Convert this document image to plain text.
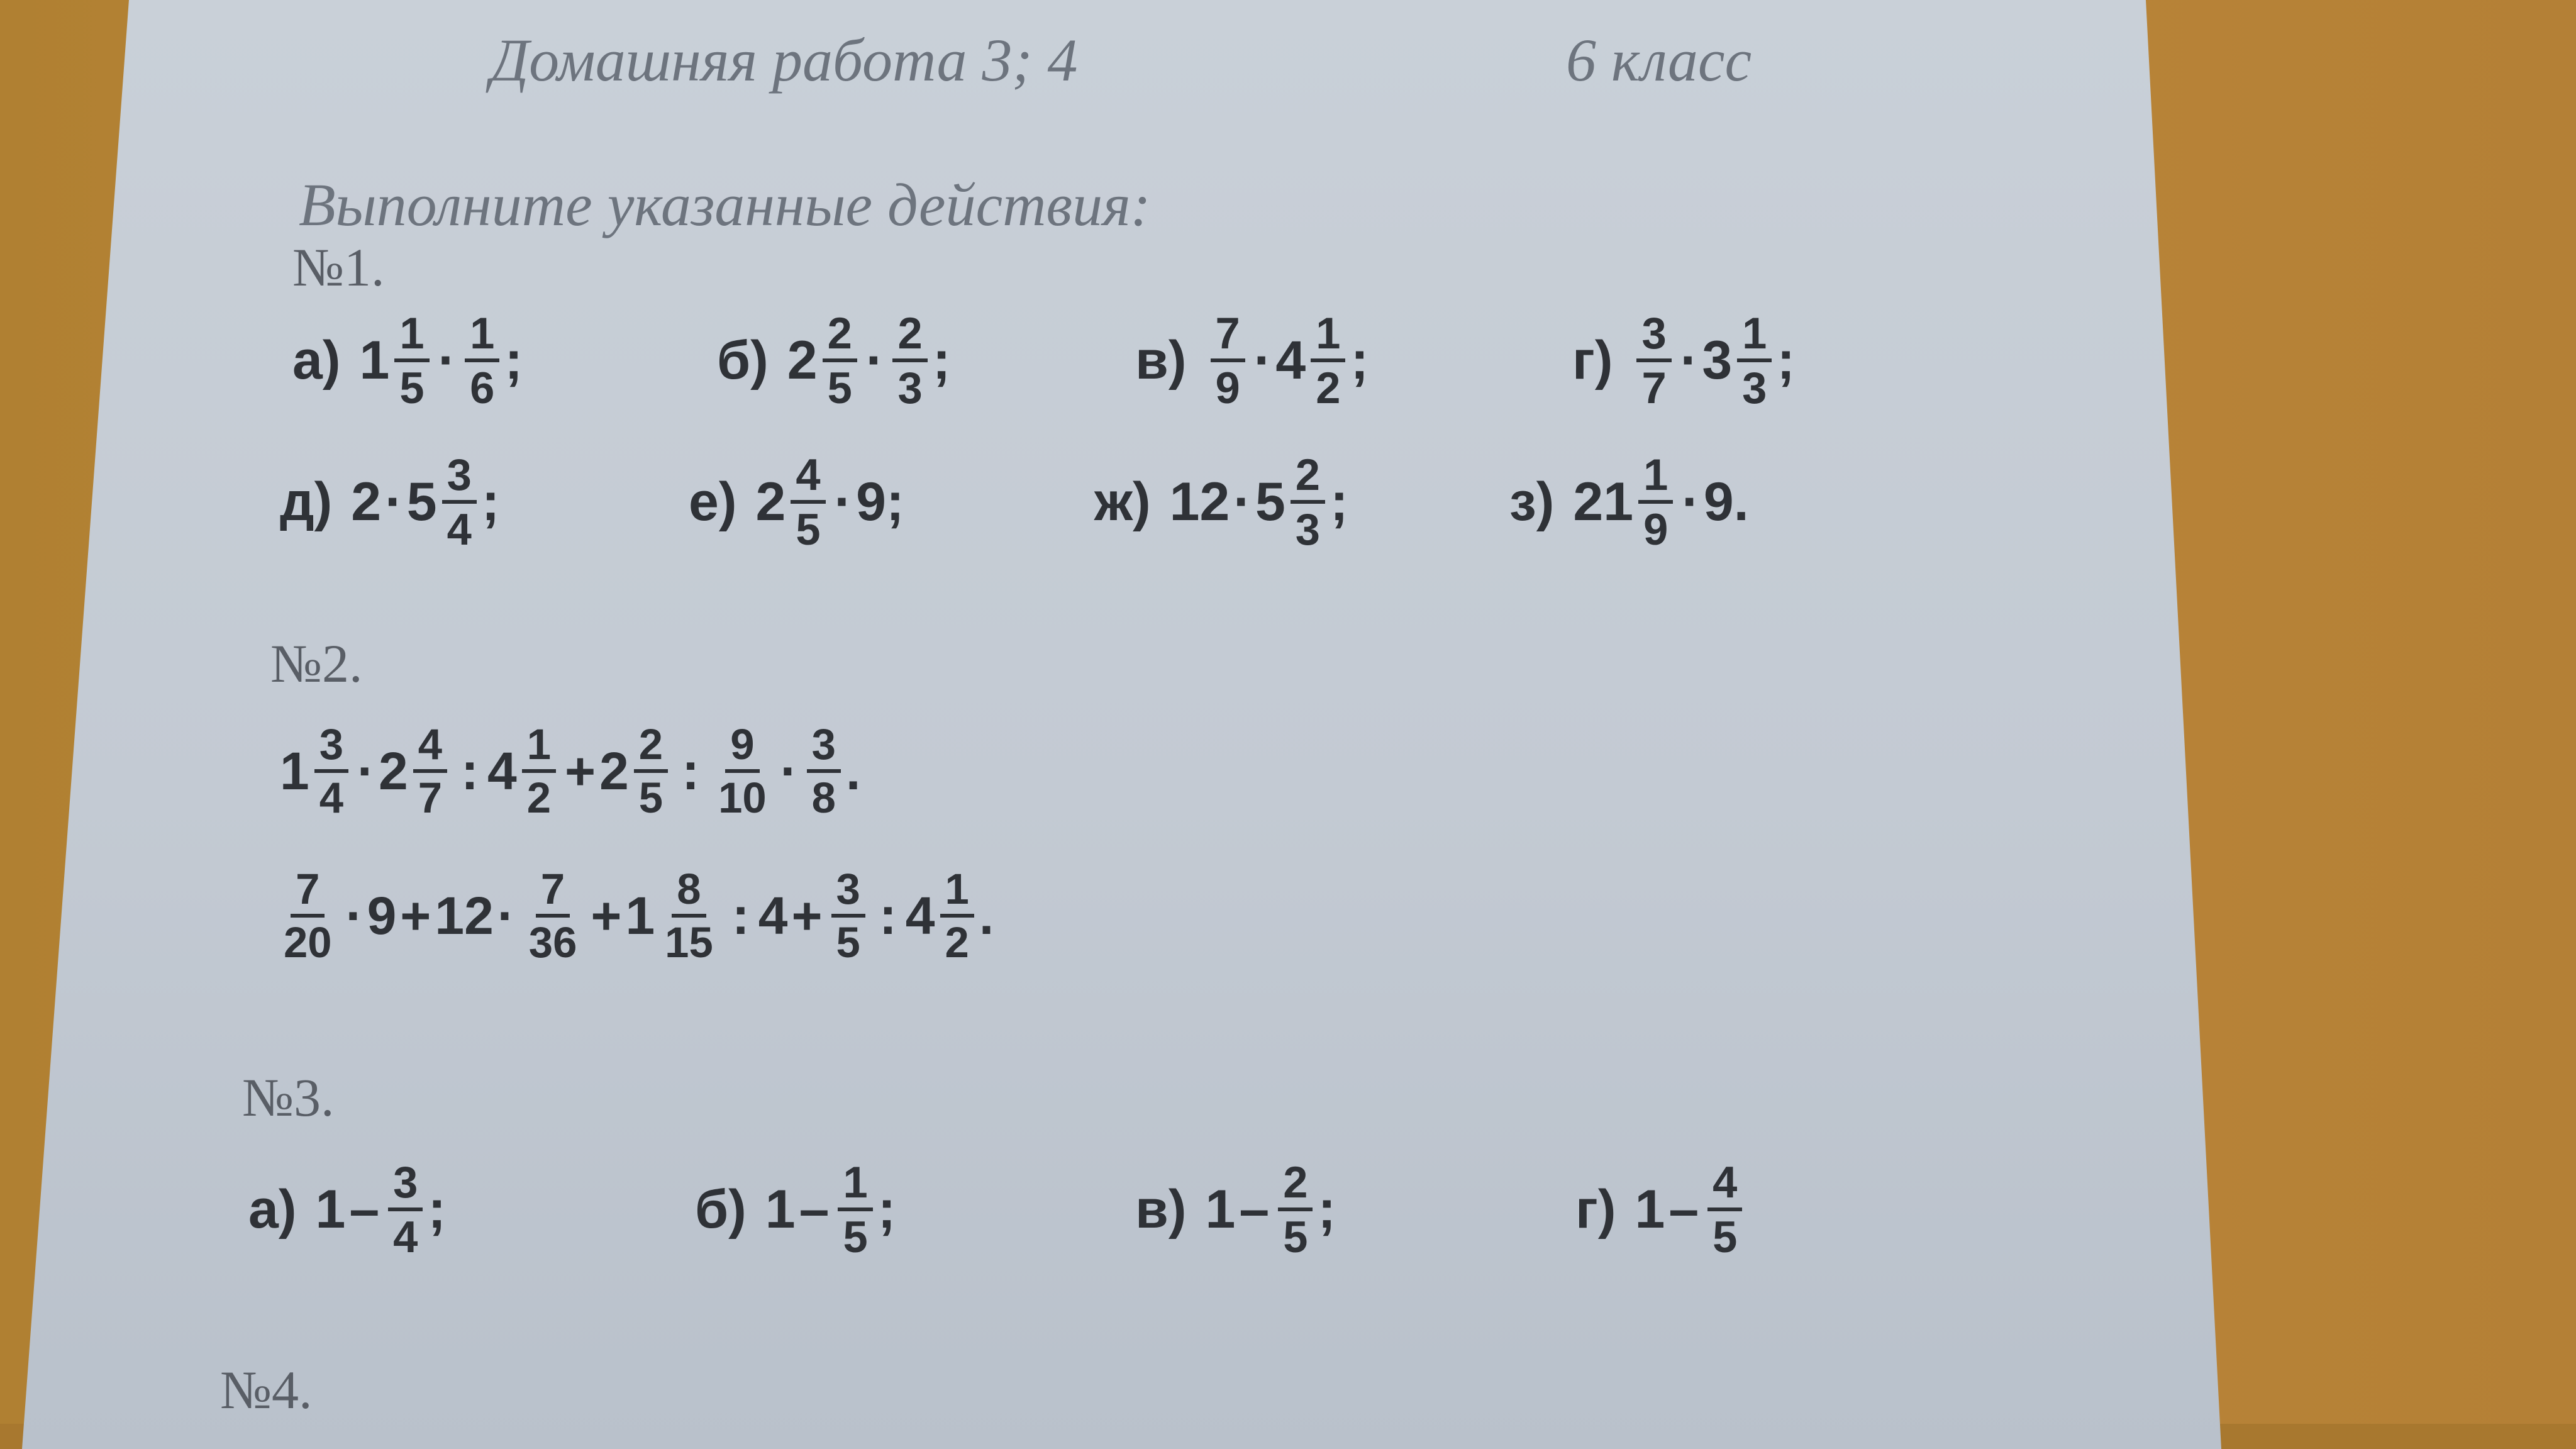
Домашняя работа 3; 4	6 класс
Выполните указанные действия:
№1.
а) $1 \frac{1}{5} \cdot \frac{1}{6}$ ;	б) $2 \frac{2}{5} \cdot \frac{2}{3}$ ;	$в) \frac{7}{9} \cdot 4 \frac{1}{2}$ ;	$г) \frac{3}{7} \cdot 3 \frac{1}{3}$ ;
д) $2 \cdot 5 \frac{3}{4}$ ;	е) $2 \frac{4}{5} \cdot 9$ ;	ж) $12 \cdot 5 \frac{2}{3}$ ;	з) $21 \frac{1}{9} \cdot 9$ .
№2.
$1 \frac{3}{4} \cdot 2 \frac{4}{7}$ : $4 \frac{1}{2} + 2 \frac{2}{5}$ : $\frac{9}{10} \cdot \frac{3}{8}$ .
$\frac{7}{20} \cdot 9 + 12 \cdot \frac{7}{36} + 1 \frac{8}{15}$ : $4 + \frac{3}{5}$ : $4 \frac{1}{2}$ .
№3.
а) $1 - \frac{3}{4}$ ;	б) $1 - \frac{1}{5}$ ;	в) $1 - \frac{2}{5}$ ;	г) $1 - \frac{4}{5}$
№4.
